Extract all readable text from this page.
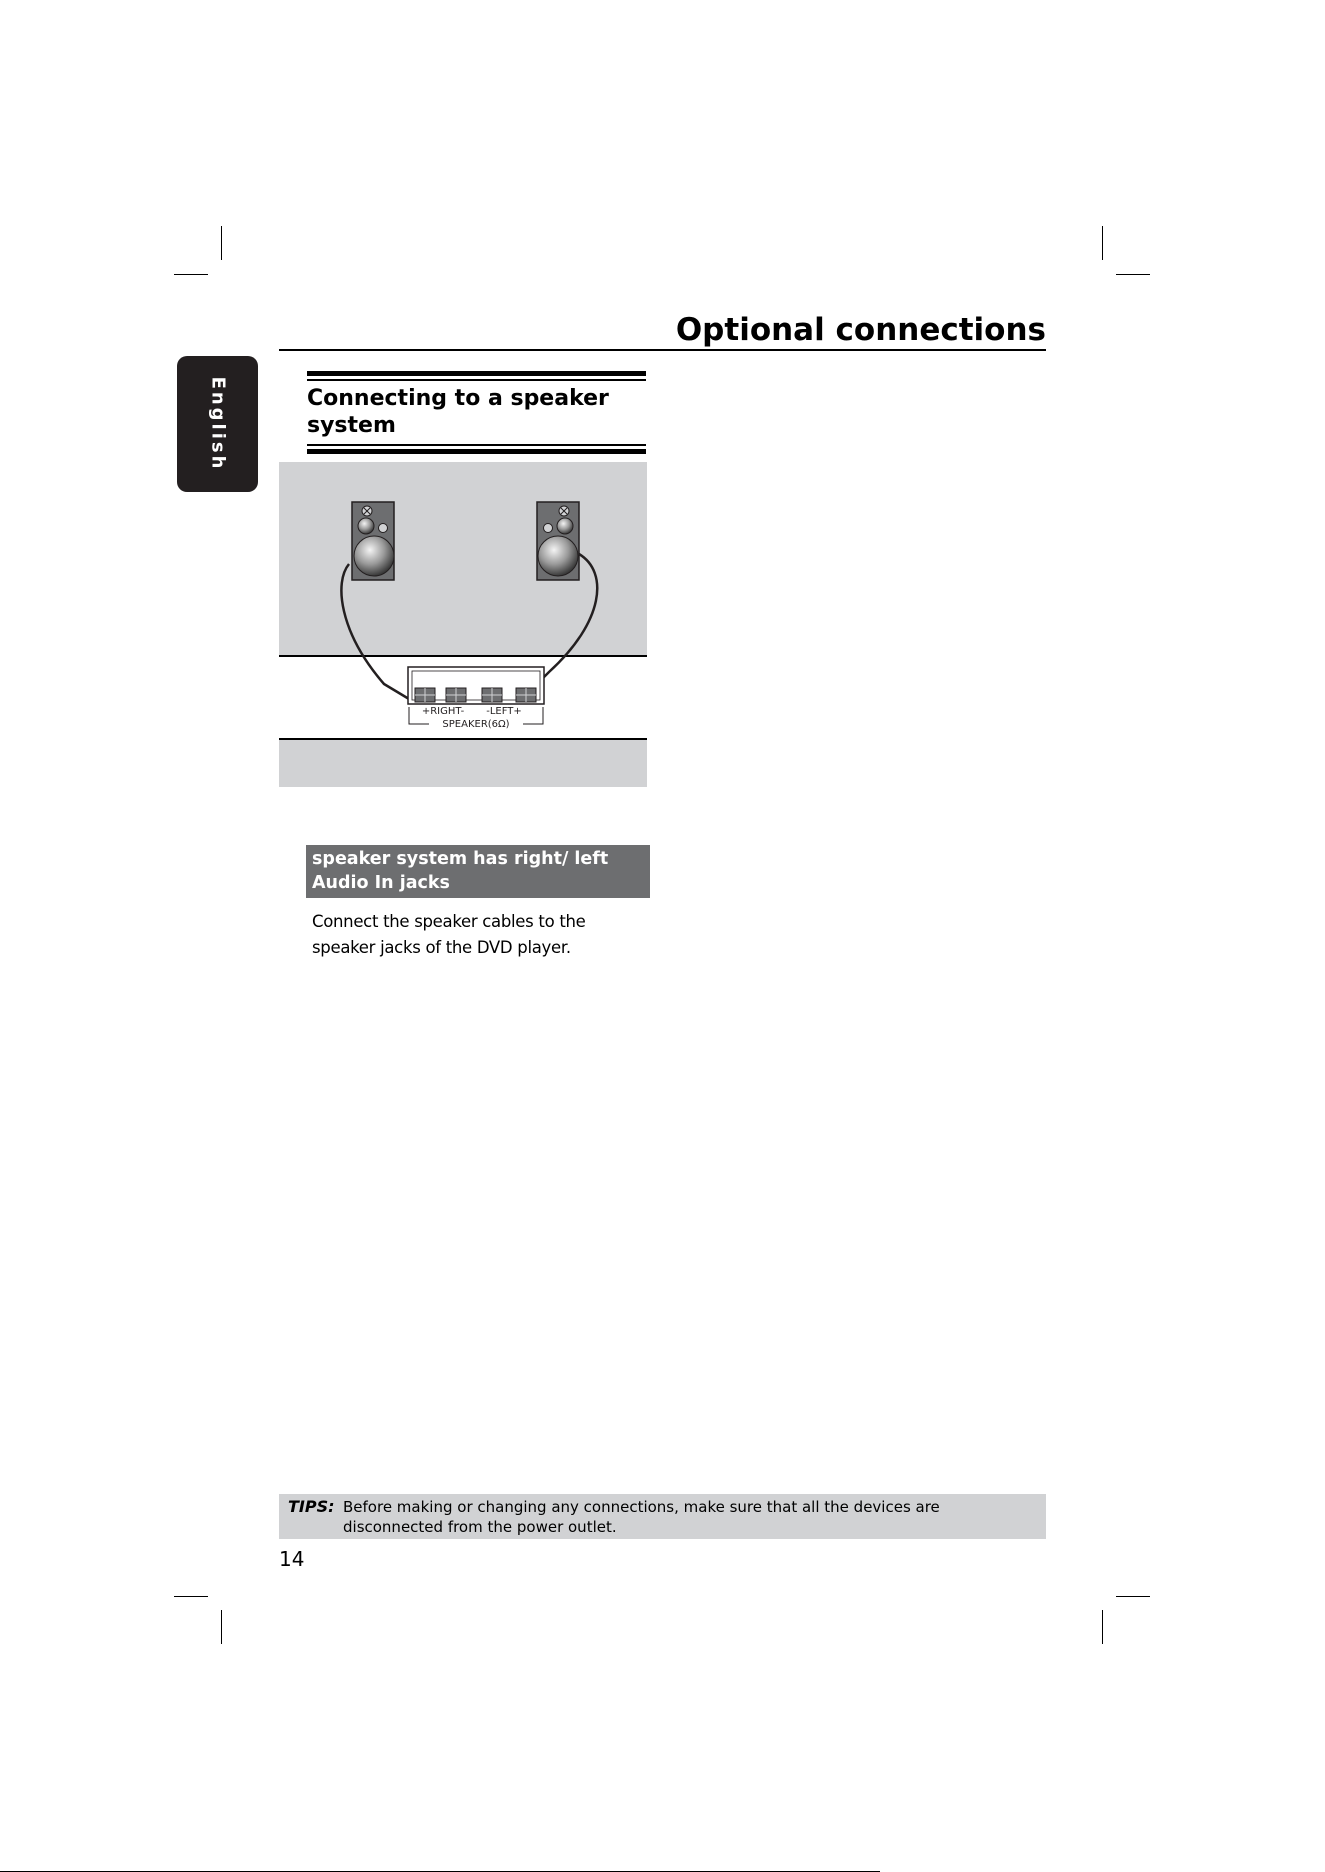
Optional connections
English	Connecting to a speaker system
+RIGHT- -LEFT+
SPEAKER(6Ω)
speaker system has right/ left Audio In jacks
Connect the speaker cables to the speaker jacks of the DVD player.
TIPS: Before making or changing any connections, make sure that all the devices are disconnected from the power outlet.
14
